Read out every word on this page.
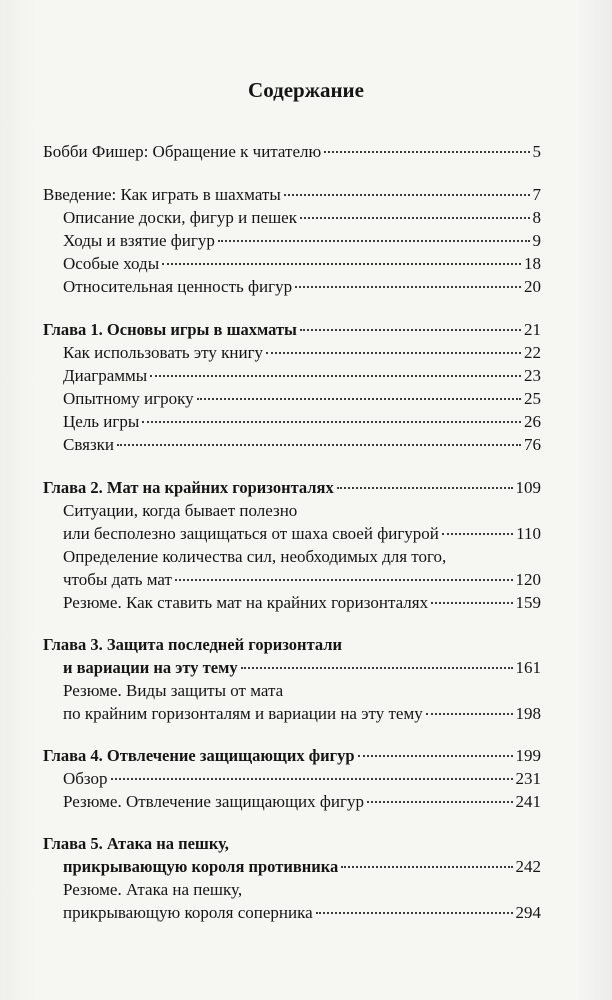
Содержание
Бобби Фишер: Обращение к читателю	5
Введение: Как играть в шахматы	7
Описание доски, фигур и пешек	8
Ходы и взятие фигур	9
Особые ходы	18
Относительная ценность фигур	20
Глава 1. Основы игры в шахматы	21
Как использовать эту книгу	22
Диаграммы	23
Опытному игроку	25
Цель игры	26
Связки	76
Глава 2. Мат на крайних горизонталях	109
Ситуации, когда бывает полезно
или бесполезно защищаться от шаха своей фигурой	110
Определение количества сил, необходимых для того,
чтобы дать мат	120
Резюме. Как ставить мат на крайних горизонталях	159
Глава 3. Защита последней горизонтали
и вариации на эту тему	161
Резюме. Виды защиты от мата
по крайним горизонталям и вариации на эту тему	198
Глава 4. Отвлечение защищающих фигур	199
Обзор	231
Резюме. Отвлечение защищающих фигур	241
Глава 5. Атака на пешку,
прикрывающую короля противника	242
Резюме. Атака на пешку,
прикрывающую короля соперника	294
